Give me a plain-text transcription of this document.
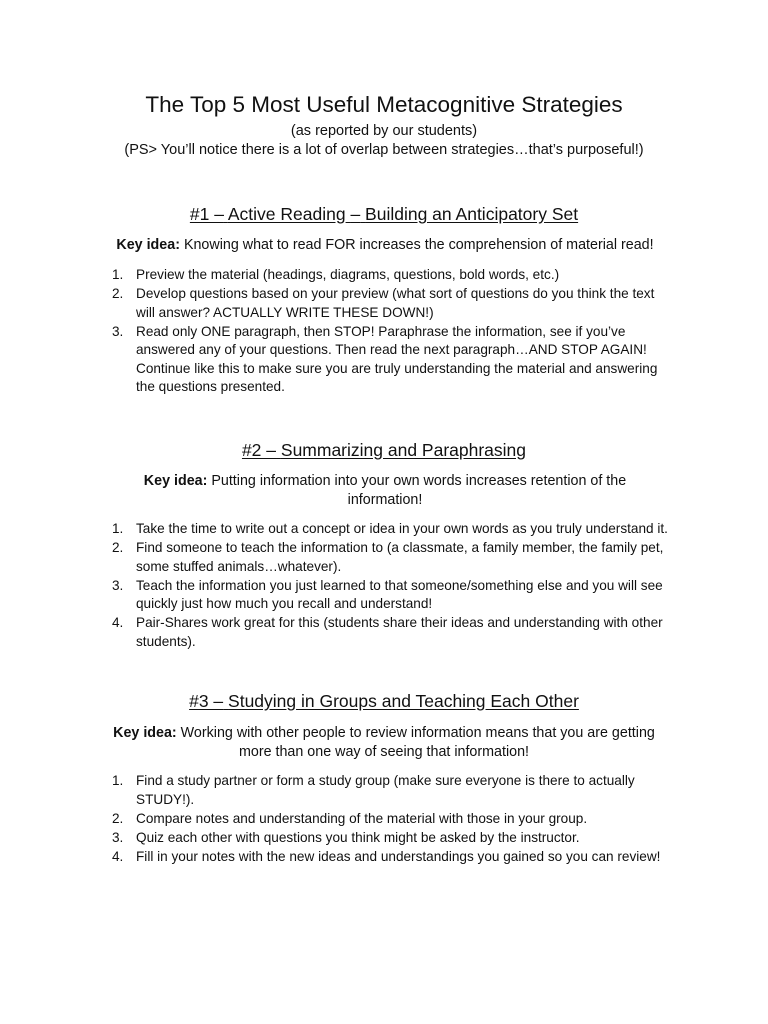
The Top 5 Most Useful Metacognitive Strategies
(as reported by our students)
(PS> You’ll notice there is a lot of overlap between strategies…that’s purposeful!)
#1 – Active Reading – Building an Anticipatory Set
Key idea: Knowing what to read FOR increases the comprehension of material read!
1. Preview the material (headings, diagrams, questions, bold words, etc.)
2. Develop questions based on your preview (what sort of questions do you think the text will answer? ACTUALLY WRITE THESE DOWN!)
3. Read only ONE paragraph, then STOP! Paraphrase the information, see if you’ve answered any of your questions. Then read the next paragraph…AND STOP AGAIN! Continue like this to make sure you are truly understanding the material and answering the questions presented.
#2 – Summarizing and Paraphrasing
Key idea: Putting information into your own words increases retention of the information!
1. Take the time to write out a concept or idea in your own words as you truly understand it.
2. Find someone to teach the information to (a classmate, a family member, the family pet, some stuffed animals…whatever).
3. Teach the information you just learned to that someone/something else and you will see quickly just how much you recall and understand!
4. Pair-Shares work great for this (students share their ideas and understanding with other students).
#3 – Studying in Groups and Teaching Each Other
Key idea: Working with other people to review information means that you are getting more than one way of seeing that information!
1. Find a study partner or form a study group (make sure everyone is there to actually STUDY!).
2. Compare notes and understanding of the material with those in your group.
3. Quiz each other with questions you think might be asked by the instructor.
4. Fill in your notes with the new ideas and understandings you gained so you can review!
